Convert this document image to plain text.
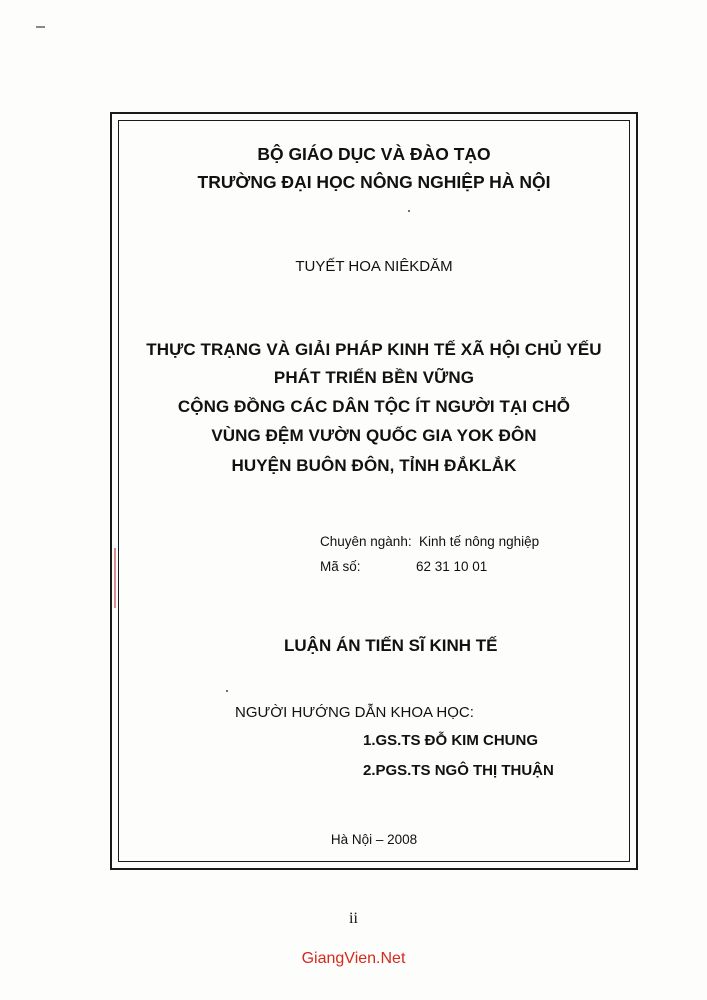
BỘ GIÁO DỤC VÀ ĐÀO TẠO
TRƯỜNG ĐẠI HỌC NÔNG NGHIỆP HÀ NỘI
TUYẾT HOA NIÊKDĂM
THỰC TRẠNG VÀ GIẢI PHÁP KINH TẾ XÃ HỘI CHỦ YẾU
PHÁT TRIỂN BỀN VỮNG
CỘNG ĐỒNG CÁC DÂN TỘC ÍT NGƯỜI TẠI CHỖ
VÙNG ĐỆM VƯỜN QUỐC GIA YOK ĐÔN
HUYỆN BUÔN ĐÔN, TỈNH ĐẮKLẮK
Chuyên ngành: Kinh tế nông nghiệp
Mã số:	62 31 10 01
LUẬN ÁN TIẾN SĨ KINH TẾ
NGƯỜI HƯỚNG DẪN KHOA HỌC:
1.GS.TS ĐỖ KIM CHUNG
2.PGS.TS NGÔ THỊ THUẬN
Hà Nội – 2008
ii
GiangVien.Net
